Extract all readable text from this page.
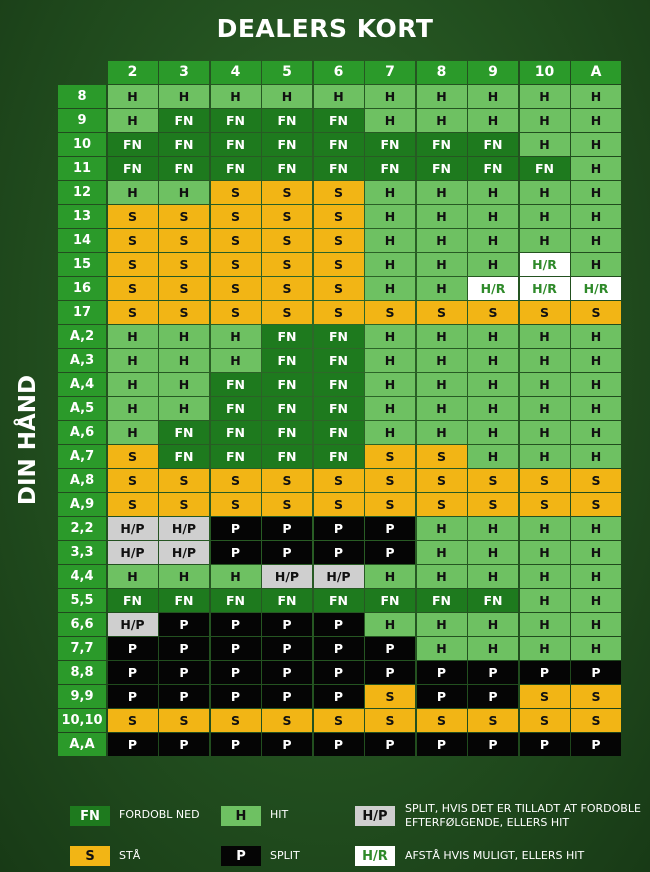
DEALERS KORT
DIN HÅND
2	3	4	5	6	7	8	9	10	A
8	H	H	H	H	H	H	H	H	H	H
9	H	FN	FN	FN	FN	H	H	H	H	H
10	FN	FN	FN	FN	FN	FN	FN	FN	H	H
11	FN	FN	FN	FN	FN	FN	FN	FN	FN	H
12	H	H	S	S	S	H	H	H	H	H
13	S	S	S	S	S	H	H	H	H	H
14	S	S	S	S	S	H	H	H	H	H
15	S	S	S	S	S	H	H	H	H/R	H
16	S	S	S	S	S	H	H	H/R	H/R	H/R
17	S	S	S	S	S	S	S	S	S	S
A,2	H	H	H	FN	FN	H	H	H	H	H
A,3	H	H	H	FN	FN	H	H	H	H	H
A,4	H	H	FN	FN	FN	H	H	H	H	H
A,5	H	H	FN	FN	FN	H	H	H	H	H
A,6	H	FN	FN	FN	FN	H	H	H	H	H
A,7	S	FN	FN	FN	FN	S	S	H	H	H
A,8	S	S	S	S	S	S	S	S	S	S
A,9	S	S	S	S	S	S	S	S	S	S
2,2	H/P	H/P	P	P	P	P	H	H	H	H
3,3	H/P	H/P	P	P	P	P	H	H	H	H
4,4	H	H	H	H/P	H/P	H	H	H	H	H
5,5	FN	FN	FN	FN	FN	FN	FN	FN	H	H
6,6	H/P	P	P	P	P	H	H	H	H	H
7,7	P	P	P	P	P	P	H	H	H	H
8,8	P	P	P	P	P	P	P	P	P	P
9,9	P	P	P	P	P	S	P	P	S	S
10,10	S	S	S	S	S	S	S	S	S	S
A,A	P	P	P	P	P	P	P	P	P	P
FN	FORDOBL NED	H	HIT	H/P	SPLIT, HVIS DET ER TILLADT AT FORDOBLE
EFTERFØLGENDE, ELLERS HIT
S	STÅ	P	SPLIT	H/R	AFSTÅ HVIS MULIGT, ELLERS HIT
